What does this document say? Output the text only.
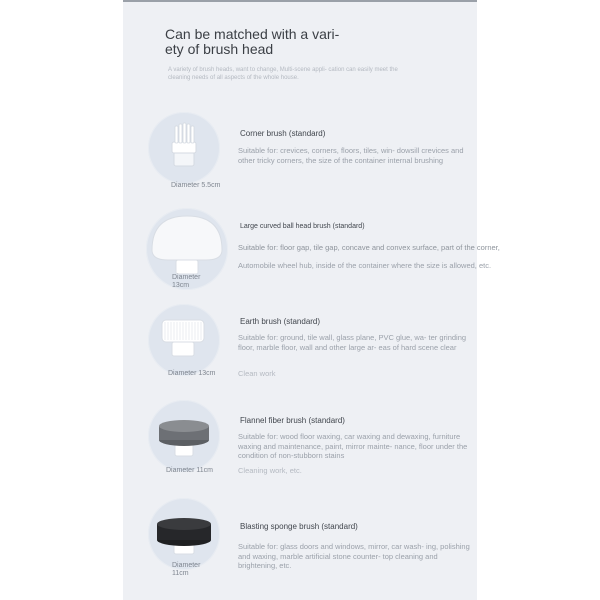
Can be matched with a vari-
ety of brush head

A variety of brush heads, want to change, Multi-scene appli- cation can easily meet the cleaning needs of all aspects of the whole house.

Diameter 5.5cm
Corner brush (standard)
Suitable for: crevices, corners, floors, tiles, win- dowsill crevices and other tricky corners, the size of the container internal brushing
Diameter
13cm
Large curved ball head brush (standard)
Suitable for: floor gap, tile gap, concave and convex surface, part of the corner,
Automobile wheel hub, inside of the container where the size is allowed, etc.
Diameter 13cm
Earth brush (standard)
Suitable for: ground, tile wall, glass plane, PVC glue, wa- ter grinding floor, marble floor, wall and other large ar- eas of hard scene clear
Clean work
Diameter 11cm
Flannel fiber brush (standard)
Suitable for: wood floor waxing, car waxing and dewaxing, furniture waxing and maintenance, paint, mirror mainte- nance, floor under the condition of non-stubborn stains
Cleaning work, etc.
Diameter
11cm
Blasting sponge brush (standard)
Suitable for: glass doors and windows, mirror, car wash- ing, polishing and waxing, marble artificial stone counter- top cleaning and brightening, etc.
